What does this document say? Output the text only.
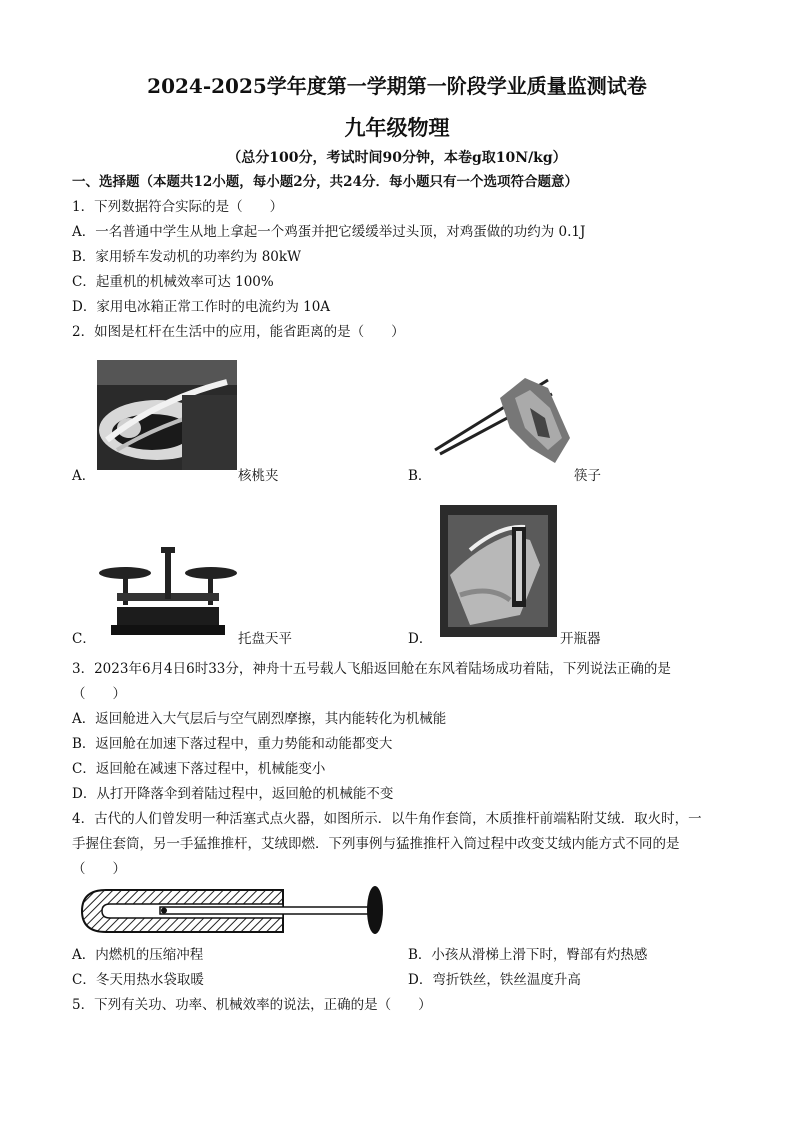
2024-2025学年度第一学期第一阶段学业质量监测试卷
九年级物理
（总分100分，考试时间90分钟，本卷g取10N/kg）
一、选择题（本题共12小题，每小题2分，共24分．每小题只有一个选项符合题意）
1．下列数据符合实际的是（　　）
A．一名普通中学生从地上拿起一个鸡蛋并把它缓缓举过头顶，对鸡蛋做的功约为 0.1J
B．家用轿车发动机的功率约为 80kW
C．起重机的机械效率可达 100%
D．家用电冰箱正常工作时的电流约为 10A
2．如图是杠杆在生活中的应用，能省距离的是（　　）
A．	核桃夹	B．	筷子
C．	托盘天平	D．	开瓶器
3．2023年6月4日6时33分，神舟十五号载人飞船返回舱在东风着陆场成功着陆，下列说法正确的是
（　　）
A．返回舱进入大气层后与空气剧烈摩擦，其内能转化为机械能
B．返回舱在加速下落过程中，重力势能和动能都变大
C．返回舱在减速下落过程中，机械能变小
D．从打开降落伞到着陆过程中，返回舱的机械能不变
4．古代的人们曾发明一种活塞式点火器，如图所示．以牛角作套筒，木质推杆前端粘附艾绒．取火时，一
手握住套筒，另一手猛推推杆，艾绒即燃．下列事例与猛推推杆入筒过程中改变艾绒内能方式不同的是
（　　）
A．内燃机的压缩冲程	B．小孩从滑梯上滑下时，臀部有灼热感
C．冬天用热水袋取暖	D．弯折铁丝，铁丝温度升高
5．下列有关功、功率、机械效率的说法，正确的是（　　）
